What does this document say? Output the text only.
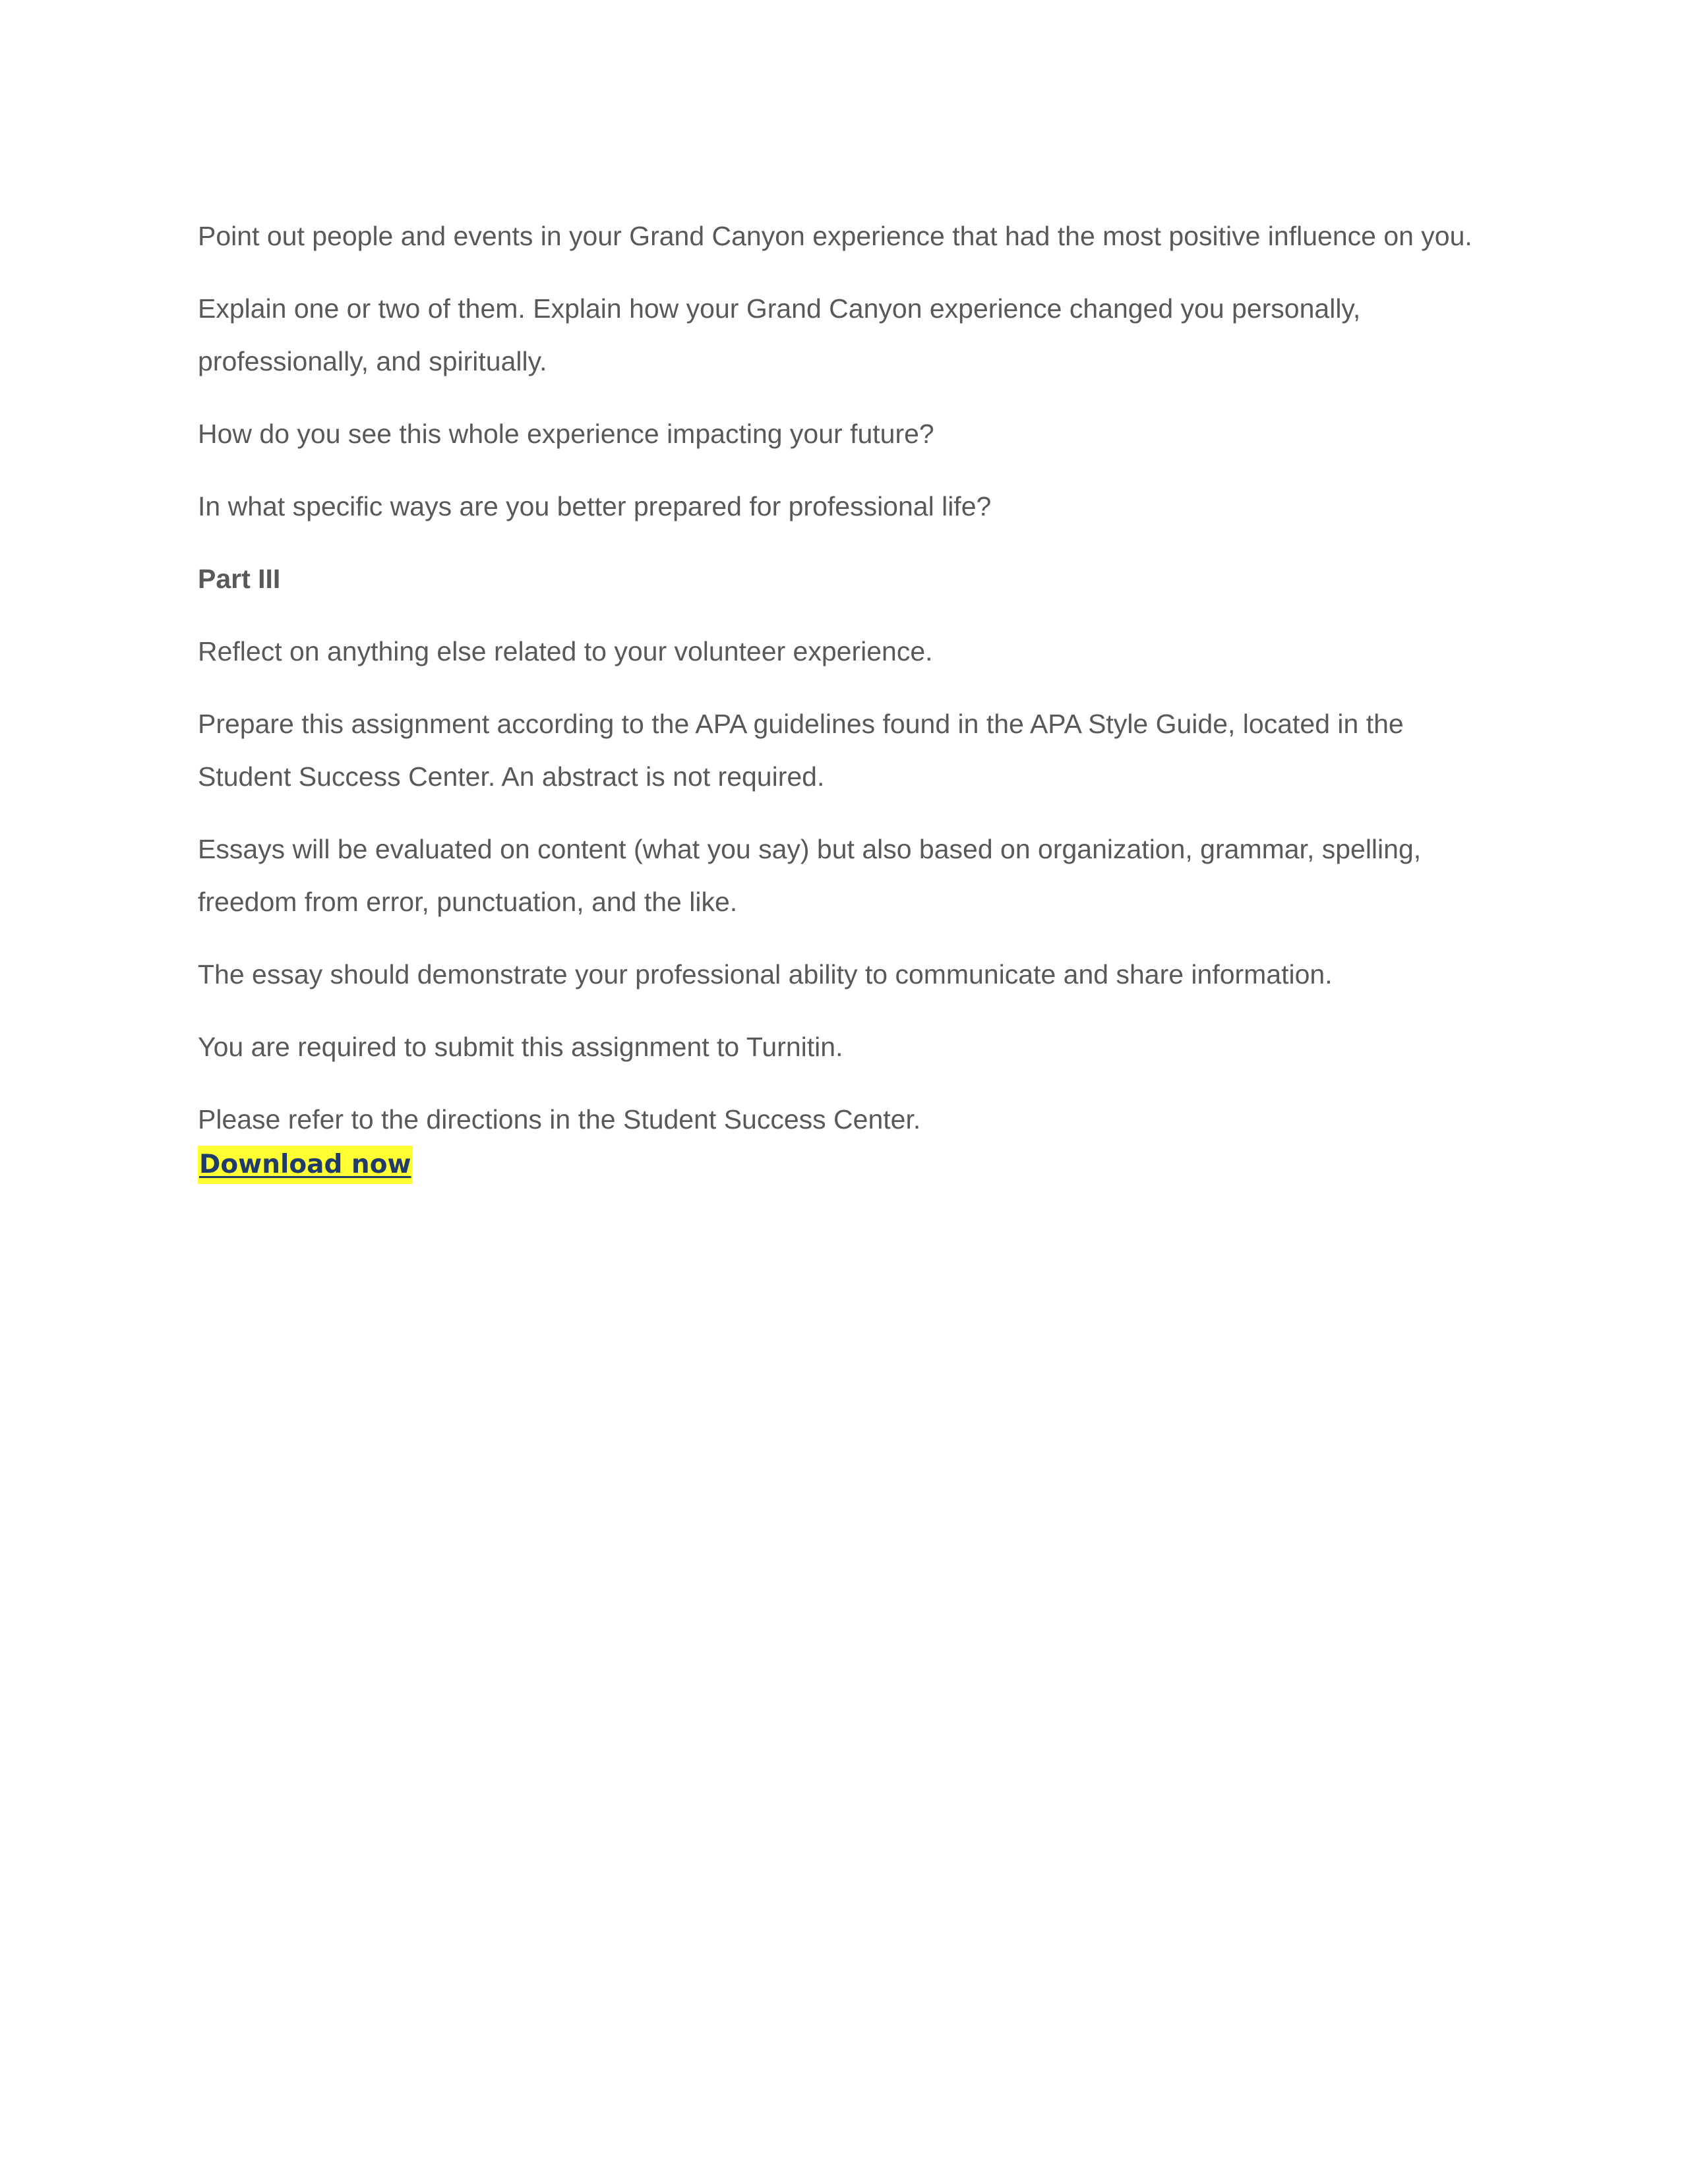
Point out people and events in your Grand Canyon experience that had the most positive influence on you.

Explain one or two of them. Explain how your Grand Canyon experience changed you personally, professionally, and spiritually.

How do you see this whole experience impacting your future?

In what specific ways are you better prepared for professional life?

Part III

Reflect on anything else related to your volunteer experience.

Prepare this assignment according to the APA guidelines found in the APA Style Guide, located in the Student Success Center. An abstract is not required.

Essays will be evaluated on content (what you say) but also based on organization, grammar, spelling, freedom from error, punctuation, and the like.

The essay should demonstrate your professional ability to communicate and share information.

You are required to submit this assignment to Turnitin.

Please refer to the directions in the Student Success Center.

Download now
